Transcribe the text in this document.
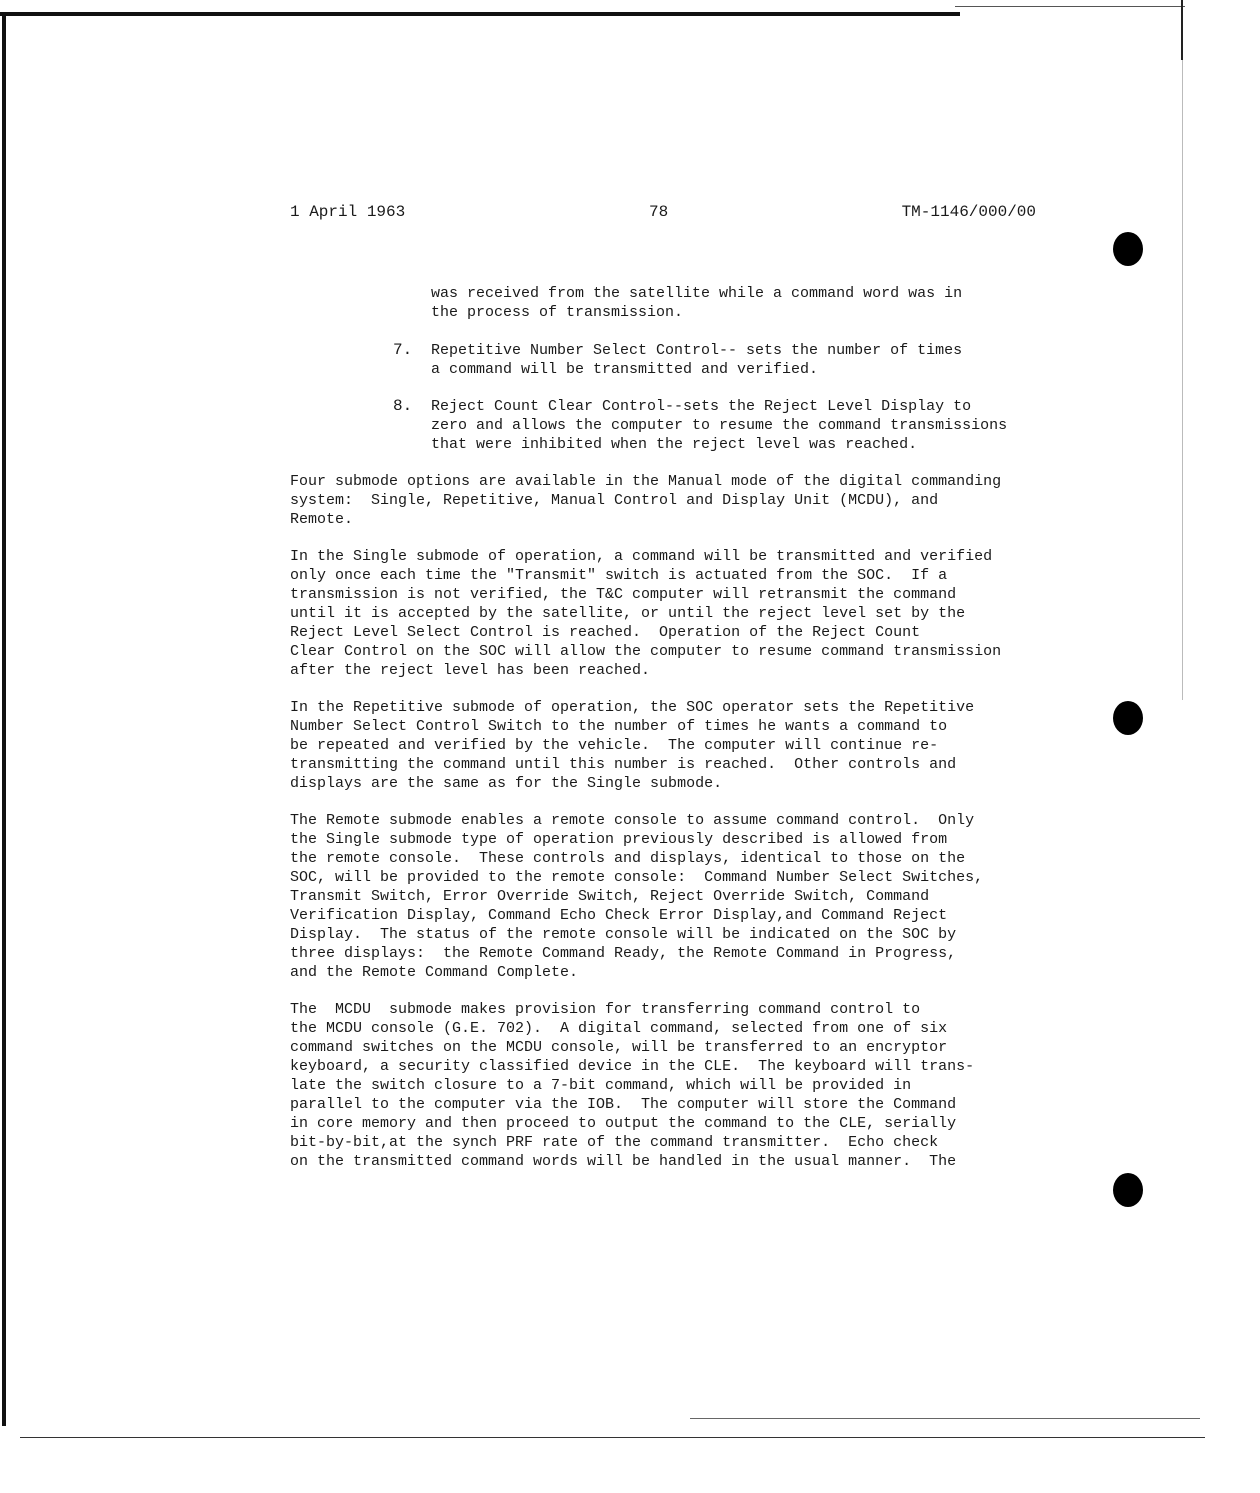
1 April 1963	78	TM-1146/000/00

was received from the satellite while a command word was in
the process of transmission.

7. Repetitive Number Select Control-- sets the number of times
a command will be transmitted and verified.

8. Reject Count Clear Control--sets the Reject Level Display to
zero and allows the computer to resume the command transmissions
that were inhibited when the reject level was reached.

Four submode options are available in the Manual mode of the digital commanding
system:  Single, Repetitive, Manual Control and Display Unit (MCDU), and
Remote.

In the Single submode of operation, a command will be transmitted and verified
only once each time the "Transmit" switch is actuated from the SOC.  If a
transmission is not verified, the T&C computer will retransmit the command
until it is accepted by the satellite, or until the reject level set by the
Reject Level Select Control is reached.  Operation of the Reject Count
Clear Control on the SOC will allow the computer to resume command transmission
after the reject level has been reached.

In the Repetitive submode of operation, the SOC operator sets the Repetitive
Number Select Control Switch to the number of times he wants a command to
be repeated and verified by the vehicle.  The computer will continue re-
transmitting the command until this number is reached.  Other controls and
displays are the same as for the Single submode.

The Remote submode enables a remote console to assume command control.  Only
the Single submode type of operation previously described is allowed from
the remote console.  These controls and displays, identical to those on the
SOC, will be provided to the remote console:  Command Number Select Switches,
Transmit Switch, Error Override Switch, Reject Override Switch, Command
Verification Display, Command Echo Check Error Display,and Command Reject
Display.  The status of the remote console will be indicated on the SOC by
three displays:  the Remote Command Ready, the Remote Command in Progress,
and the Remote Command Complete.

The  MCDU  submode makes provision for transferring command control to
the MCDU console (G.E. 702).  A digital command, selected from one of six
command switches on the MCDU console, will be transferred to an encryptor
keyboard, a security classified device in the CLE.  The keyboard will trans-
late the switch closure to a 7-bit command, which will be provided in
parallel to the computer via the IOB.  The computer will store the Command
in core memory and then proceed to output the command to the CLE, serially
bit-by-bit,at the synch PRF rate of the command transmitter.  Echo check
on the transmitted command words will be handled in the usual manner.  The
